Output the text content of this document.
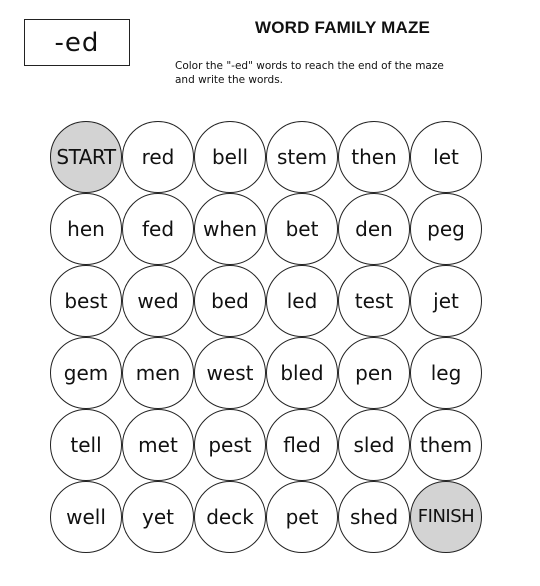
-ed	WORD FAMILY MAZE
Color the "-ed" words to reach the end of the maze
and write the words.
START	red	bell	stem	then	let
hen	fed	when	bet	den	peg
best	wed	bed	led	test	jet
gem	men	west	bled	pen	leg
tell	met	pest	fled	sled	them
well	yet	deck	pet	shed	FINISH
